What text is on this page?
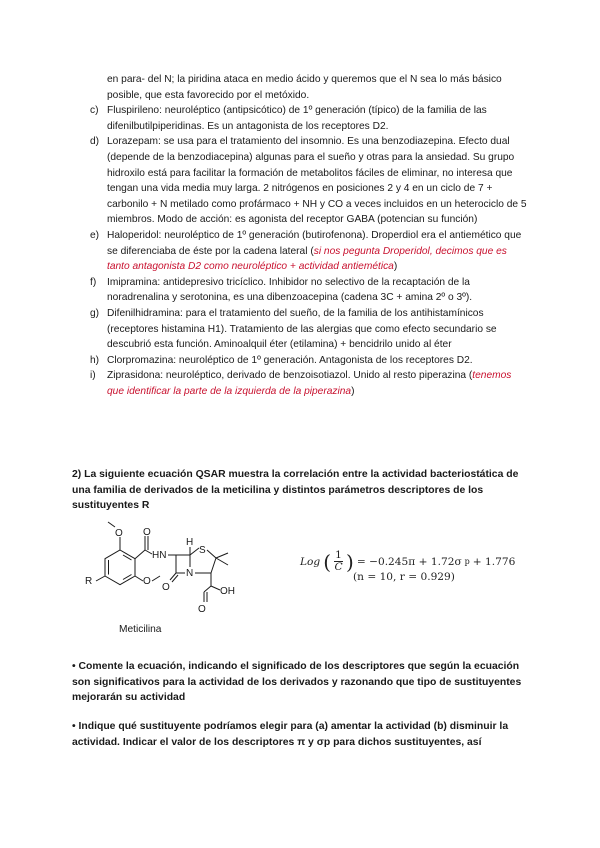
en para- del N; la piridina ataca en medio ácido y queremos que el N sea lo más básico posible, que esta favorecido por el metóxido.
c) Fluspirileno: neuroléptico (antipsicótico) de 1º generación (típico) de la familia de las difenilbutilpiperidinas. Es un antagonista de los receptores D2.
d) Lorazepam: se usa para el tratamiento del insomnio. Es una benzodiazepina. Efecto dual (depende de la benzodiacepina) algunas para el sueño y otras para la ansiedad. Su grupo hidroxilo está para facilitar la formación de metabolitos fáciles de eliminar, no interesa que tengan una vida media muy larga. 2 nitrógenos en posiciones 2 y 4 en un ciclo de 7 + carbonilo + N metilado como profármaco + NH y CO a veces incluidos en un heterociclo de 5 miembros. Modo de acción: es agonista del receptor GABA (potencian su función)
e) Haloperidol: neuroléptico de 1º generación (butirofenona). Droperdiol era el antiemético que se diferenciaba de éste por la cadena lateral (si nos pegunta Droperidol, decimos que es tanto antagonista D2 como neuroléptico + actividad antiemética)
f)	Imipramina: antidepresivo tricíclico. Inhibidor no selectivo de la recaptación de la noradrenalina y serotonina, es una dibenzoacepina (cadena 3C + amina 2º o 3º).
g) Difenilhidramina: para el tratamiento del sueño, de la familia de los antihistamínicos (receptores histamina H1). Tratamiento de las alergias que como efecto secundario se descubrió esta función. Aminoalquil éter (etilamina) + bencidrilo unido al éter
h) Clorpromazina: neuroléptico de 1º generación. Antagonista de los receptores D2.
i)	Ziprasidona: neuroléptico, derivado de benzoisotiazol. Unido al resto piperazina (tenemos que identificar la parte de la izquierda de la piperazina)
2) La siguiente ecuación QSAR muestra la correlación entre la actividad bacteriostática de una familia de derivados de la meticilina y distintos parámetros descriptores de los sustituyentes R
O O
HN
H
S
N
O
O
R
O
OH
Meticilina
Log ( $\frac{1}{C}$ ) = −0.245π + 1.72σ p + 1.776
(n = 10, r = 0.929)
• Comente la ecuación, indicando el significado de los descriptores que según la ecuación son significativos para la actividad de los derivados y razonando que tipo de sustituyentes mejorarán su actividad
• Indique qué sustituyente podríamos elegir para (a) amentar la actividad (b) disminuir la actividad. Indicar el valor de los descriptores π y σp para dichos sustituyentes, así
